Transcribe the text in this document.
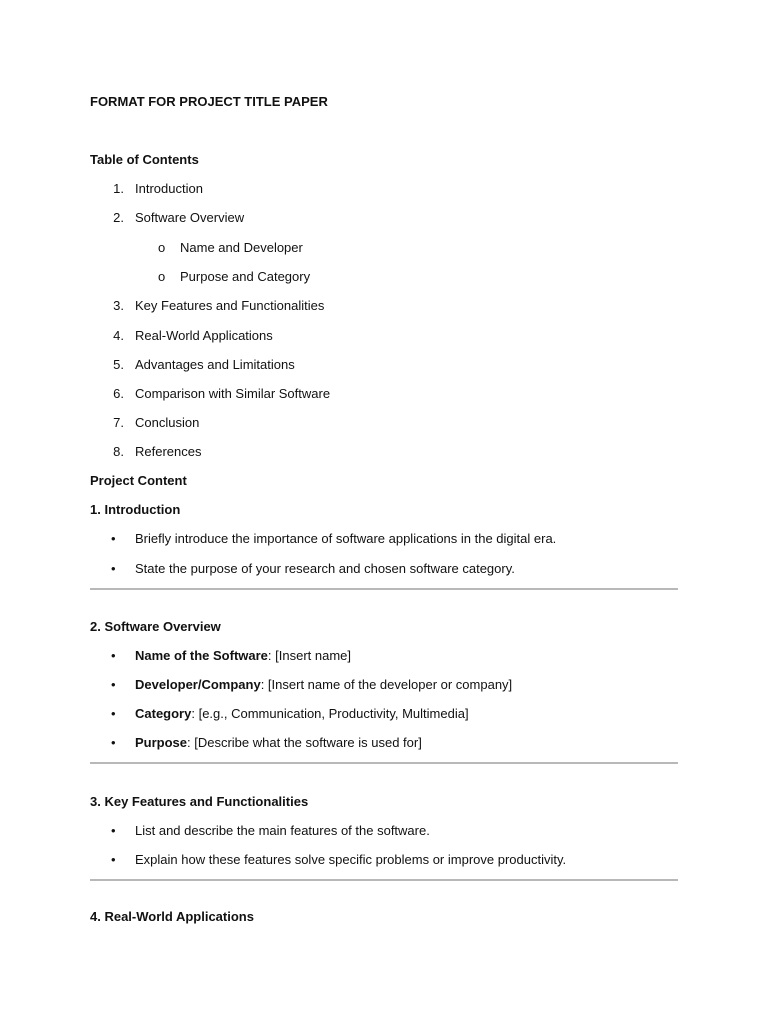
FORMAT FOR PROJECT TITLE PAPER
Table of Contents
1. Introduction
2. Software Overview
o Name and Developer
o Purpose and Category
3. Key Features and Functionalities
4. Real-World Applications
5. Advantages and Limitations
6. Comparison with Similar Software
7. Conclusion
8. References
Project Content
1. Introduction
• Briefly introduce the importance of software applications in the digital era.
• State the purpose of your research and chosen software category.
2. Software Overview
• Name of the Software: [Insert name]
• Developer/Company: [Insert name of the developer or company]
• Category: [e.g., Communication, Productivity, Multimedia]
• Purpose: [Describe what the software is used for]
3. Key Features and Functionalities
• List and describe the main features of the software.
• Explain how these features solve specific problems or improve productivity.
4. Real-World Applications
